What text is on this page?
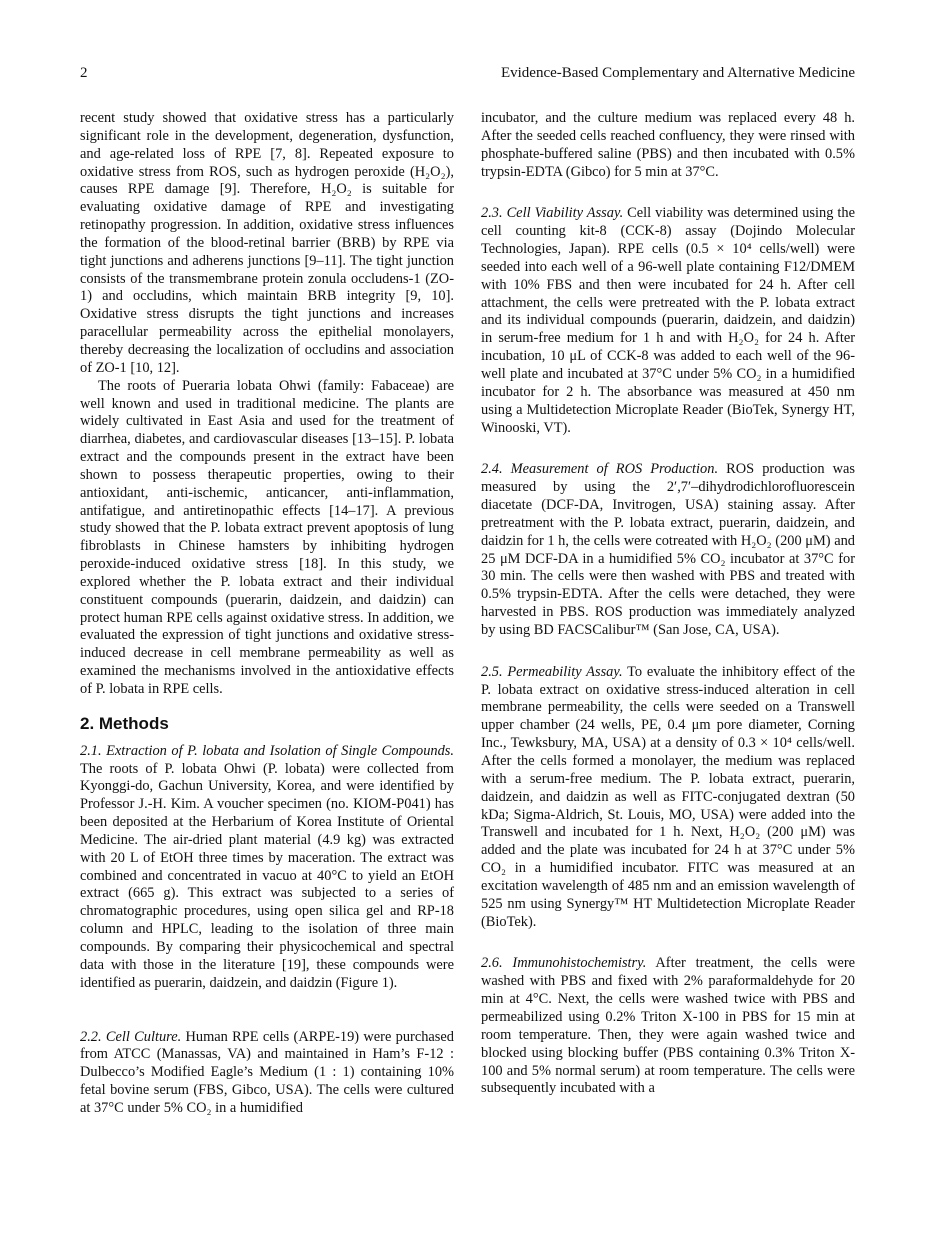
2	Evidence-Based Complementary and Alternative Medicine

recent study showed that oxidative stress has a particularly significant role in the development, degeneration, dysfunction, and age-related loss of RPE [7, 8]. Repeated exposure to oxidative stress from ROS, such as hydrogen peroxide (H₂O₂), causes RPE damage [9]. Therefore, H₂O₂ is suitable for evaluating oxidative damage of RPE and investigating retinopathy progression. In addition, oxidative stress influences the formation of the blood-retinal barrier (BRB) by RPE via tight junctions and adherens junctions [9–11]. The tight junction consists of the transmembrane protein zonula occludens-1 (ZO-1) and occludins, which maintain BRB integrity [9, 10]. Oxidative stress disrupts the tight junctions and increases paracellular permeability across the epithelial monolayers, thereby decreasing the localization of occludins and association of ZO-1 [10, 12].

The roots of Pueraria lobata Ohwi (family: Fabaceae) are well known and used in traditional medicine. The plants are widely cultivated in East Asia and used for the treatment of diarrhea, diabetes, and cardiovascular diseases [13–15]. P. lobata extract and the compounds present in the extract have been shown to possess therapeutic properties, owing to their antioxidant, anti-ischemic, anticancer, anti-inflammation, antifatigue, and antiretinopathic effects [14–17]. A previous study showed that the P. lobata extract prevent apoptosis of lung fibroblasts in Chinese hamsters by inhibiting hydrogen peroxide-induced oxidative stress [18]. In this study, we explored whether the P. lobata extract and their individual constituent compounds (puerarin, daidzein, and daidzin) can protect human RPE cells against oxidative stress. In addition, we evaluated the expression of tight junctions and oxidative stress-induced decrease in cell membrane permeability as well as examined the mechanisms involved in the antioxidative effects of P. lobata in RPE cells.

2. Methods

2.1. Extraction of P. lobata and Isolation of Single Compounds. The roots of P. lobata Ohwi (P. lobata) were collected from Kyonggi-do, Gachun University, Korea, and were identified by Professor J.-H. Kim. A voucher specimen (no. KIOM-P041) has been deposited at the Herbarium of Korea Institute of Oriental Medicine. The air-dried plant material (4.9 kg) was extracted with 20 L of EtOH three times by maceration. The extract was combined and concentrated in vacuo at 40°C to yield an EtOH extract (665 g). This extract was subjected to a series of chromatographic procedures, using open silica gel and RP-18 column and HPLC, leading to the isolation of three main compounds. By comparing their physicochemical and spectral data with those in the literature [19], these compounds were identified as puerarin, daidzein, and daidzin (Figure 1).

2.2. Cell Culture. Human RPE cells (ARPE-19) were purchased from ATCC (Manassas, VA) and maintained in Ham’s F-12 : Dulbecco’s Modified Eagle’s Medium (1 : 1) containing 10% fetal bovine serum (FBS, Gibco, USA). The cells were cultured at 37°C under 5% CO₂ in a humidified

incubator, and the culture medium was replaced every 48 h. After the seeded cells reached confluency, they were rinsed with phosphate-buffered saline (PBS) and then incubated with 0.5% trypsin-EDTA (Gibco) for 5 min at 37°C.

2.3. Cell Viability Assay. Cell viability was determined using the cell counting kit-8 (CCK-8) assay (Dojindo Molecular Technologies, Japan). RPE cells (0.5 × 10⁴ cells/well) were seeded into each well of a 96-well plate containing F12/DMEM with 10% FBS and then were incubated for 24 h. After cell attachment, the cells were pretreated with the P. lobata extract and its individual compounds (puerarin, daidzein, and daidzin) in serum-free medium for 1 h and with H₂O₂ for 24 h. After incubation, 10 μL of CCK-8 was added to each well of the 96-well plate and incubated at 37°C under 5% CO₂ in a humidified incubator for 2 h. The absorbance was measured at 450 nm using a Multidetection Microplate Reader (BioTek, Synergy HT, Winooski, VT).

2.4. Measurement of ROS Production. ROS production was measured by using the 2′,7′–dihydrodichlorofluorescein diacetate (DCF-DA, Invitrogen, USA) staining assay. After pretreatment with the P. lobata extract, puerarin, daidzein, and daidzin for 1 h, the cells were cotreated with H₂O₂ (200 μM) and 25 μM DCF-DA in a humidified 5% CO₂ incubator at 37°C for 30 min. The cells were then washed with PBS and treated with 0.5% trypsin-EDTA. After the cells were detached, they were harvested in PBS. ROS production was immediately analyzed by using BD FACSCalibur™ (San Jose, CA, USA).

2.5. Permeability Assay. To evaluate the inhibitory effect of the P. lobata extract on oxidative stress-induced alteration in cell membrane permeability, the cells were seeded on a Transwell upper chamber (24 wells, PE, 0.4 μm pore diameter, Corning Inc., Tewksbury, MA, USA) at a density of 0.3 × 10⁴ cells/well. After the cells formed a monolayer, the medium was replaced with a serum-free medium. The P. lobata extract, puerarin, daidzein, and daidzin as well as FITC-conjugated dextran (50 kDa; Sigma-Aldrich, St. Louis, MO, USA) were added into the Transwell and incubated for 1 h. Next, H₂O₂ (200 μM) was added and the plate was incubated for 24 h at 37°C under 5% CO₂ in a humidified incubator. FITC was measured at an excitation wavelength of 485 nm and an emission wavelength of 525 nm using Synergy™ HT Multidetection Microplate Reader (BioTek).

2.6. Immunohistochemistry. After treatment, the cells were washed with PBS and fixed with 2% paraformaldehyde for 20 min at 4°C. Next, the cells were washed twice with PBS and permeabilized using 0.2% Triton X-100 in PBS for 15 min at room temperature. Then, they were again washed twice and blocked using blocking buffer (PBS containing 0.3% Triton X-100 and 5% normal serum) at room temperature. The cells were subsequently incubated with a
